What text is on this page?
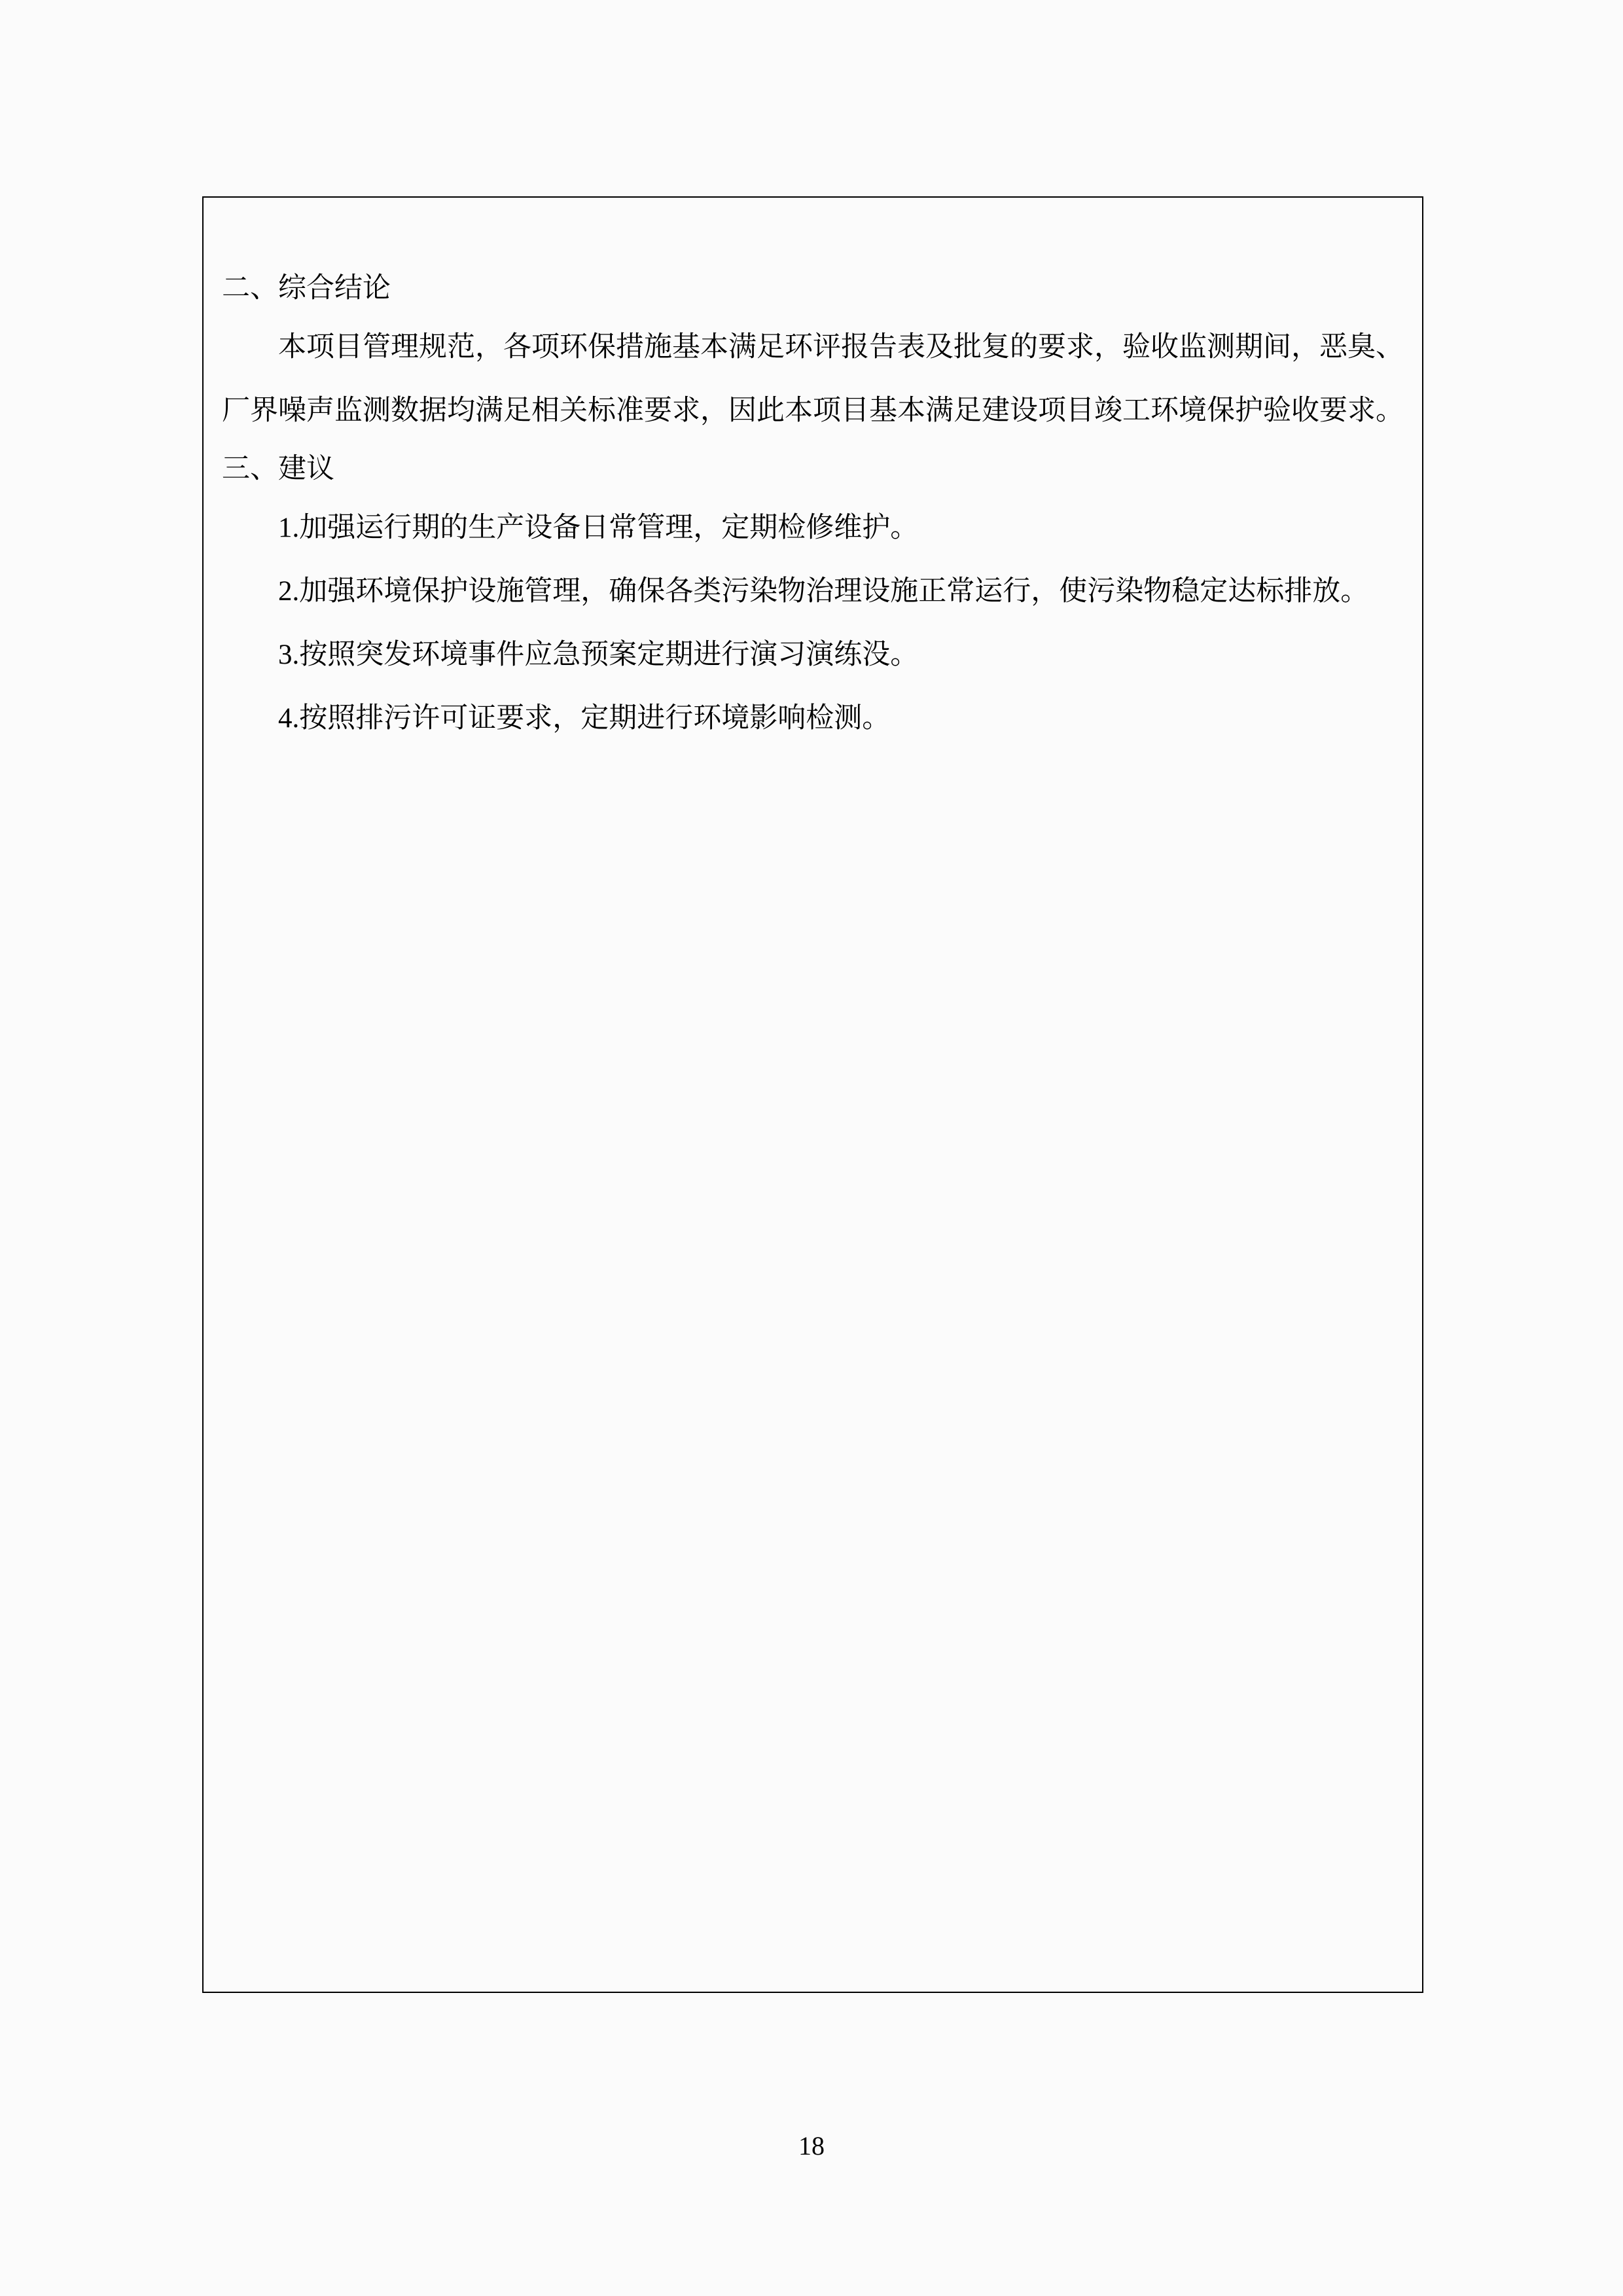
二、综合结论
本项目管理规范，各项环保措施基本满足环评报告表及批复的要求，验收监测期间，恶臭、
厂界噪声监测数据均满足相关标准要求，因此本项目基本满足建设项目竣工环境保护验收要求。
三、建议
1.加强运行期的生产设备日常管理，定期检修维护。
2.加强环境保护设施管理，确保各类污染物治理设施正常运行，使污染物稳定达标排放。
3.按照突发环境事件应急预案定期进行演习演练没。
4.按照排污许可证要求，定期进行环境影响检测。
18
